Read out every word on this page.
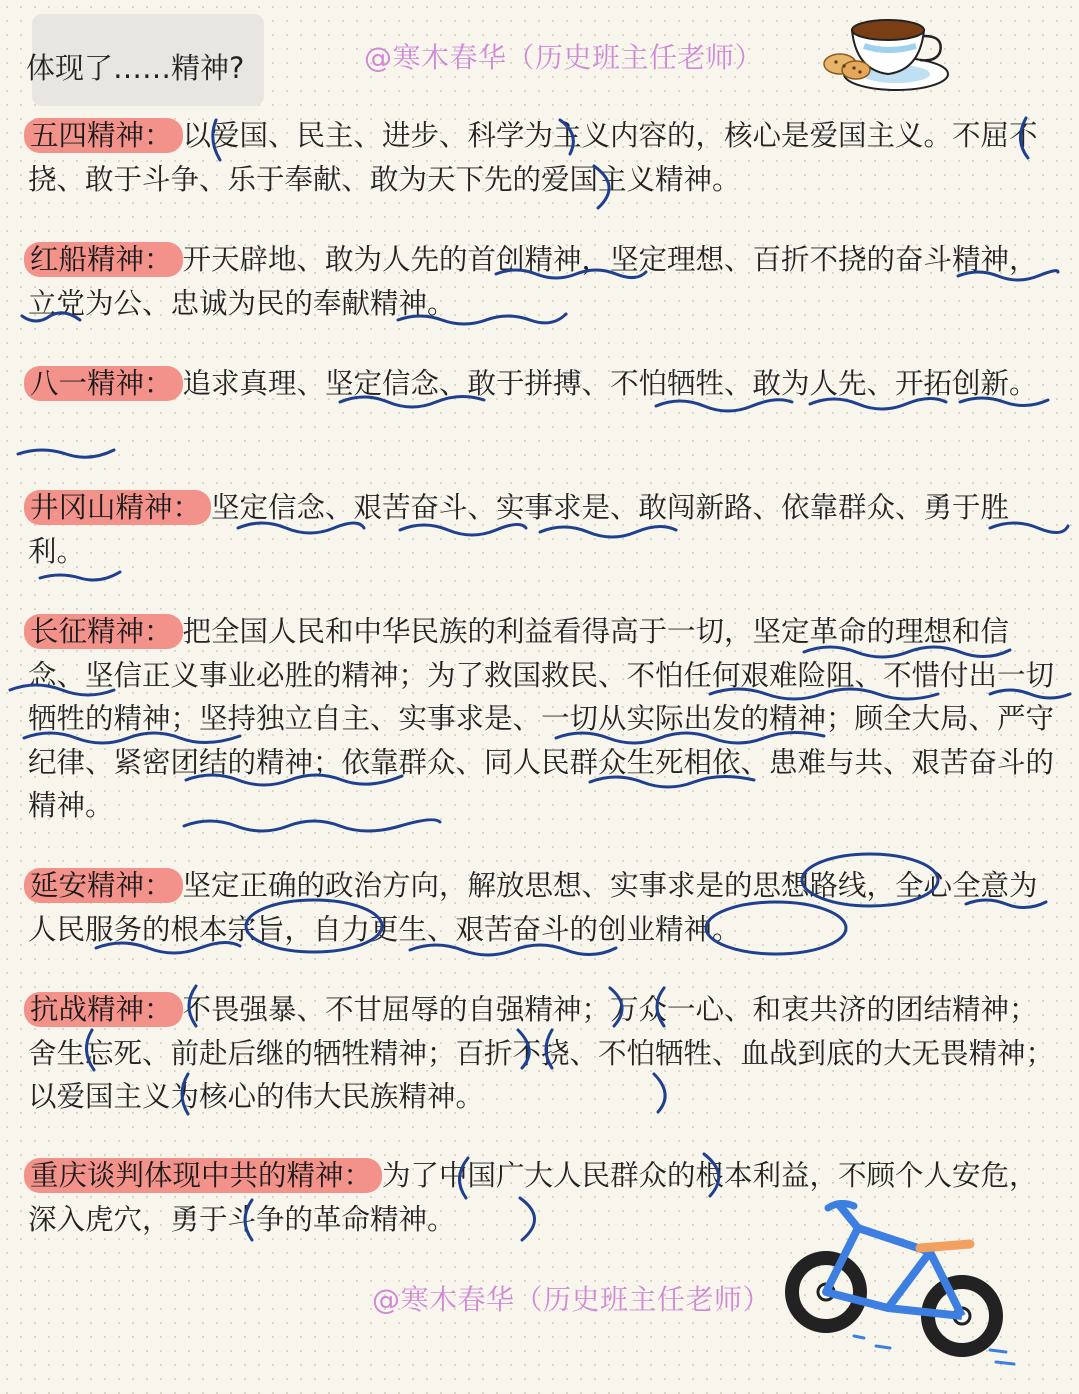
体现了……精神?	@寒木春华（历史班主任老师）
五四精神： 以爱国、民主、进步、科学为主义内容的，核心是爱国主义。不屈不挠、敢于斗争、乐于奉献、敢为天下先的爱国主义精神。
红船精神： 开天辟地、敢为人先的首创精神，坚定理想、百折不挠的奋斗精神，立党为公、忠诚为民的奉献精神。
八一精神： 追求真理、坚定信念、敢于拼搏、不怕牺牲、敢为人先、开拓创新。
井冈山精神： 坚定信念、艰苦奋斗、实事求是、敢闯新路、依靠群众、勇于胜利。
长征精神： 把全国人民和中华民族的利益看得高于一切，坚定革命的理想和信念、坚信正义事业必胜的精神；为了救国救民、不怕任何艰难险阻、不惜付出一切牺牲的精神；坚持独立自主、实事求是、一切从实际出发的精神；顾全大局、严守纪律、紧密团结的精神；依靠群众、同人民群众生死相依、患难与共、艰苦奋斗的精神。
延安精神： 坚定正确的政治方向，解放思想、实事求是的思想路线，全心全意为人民服务的根本宗旨，自力更生、艰苦奋斗的创业精神。
抗战精神： 不畏强暴、不甘屈辱的自强精神；万众一心、和衷共济的团结精神；舍生忘死、前赴后继的牺牲精神；百折不挠、不怕牺牲、血战到底的大无畏精神；以爱国主义为核心的伟大民族精神。
重庆谈判体现中共的精神： 为了中国广大人民群众的根本利益，不顾个人安危，深入虎穴，勇于斗争的革命精神。
@寒木春华（历史班主任老师）
